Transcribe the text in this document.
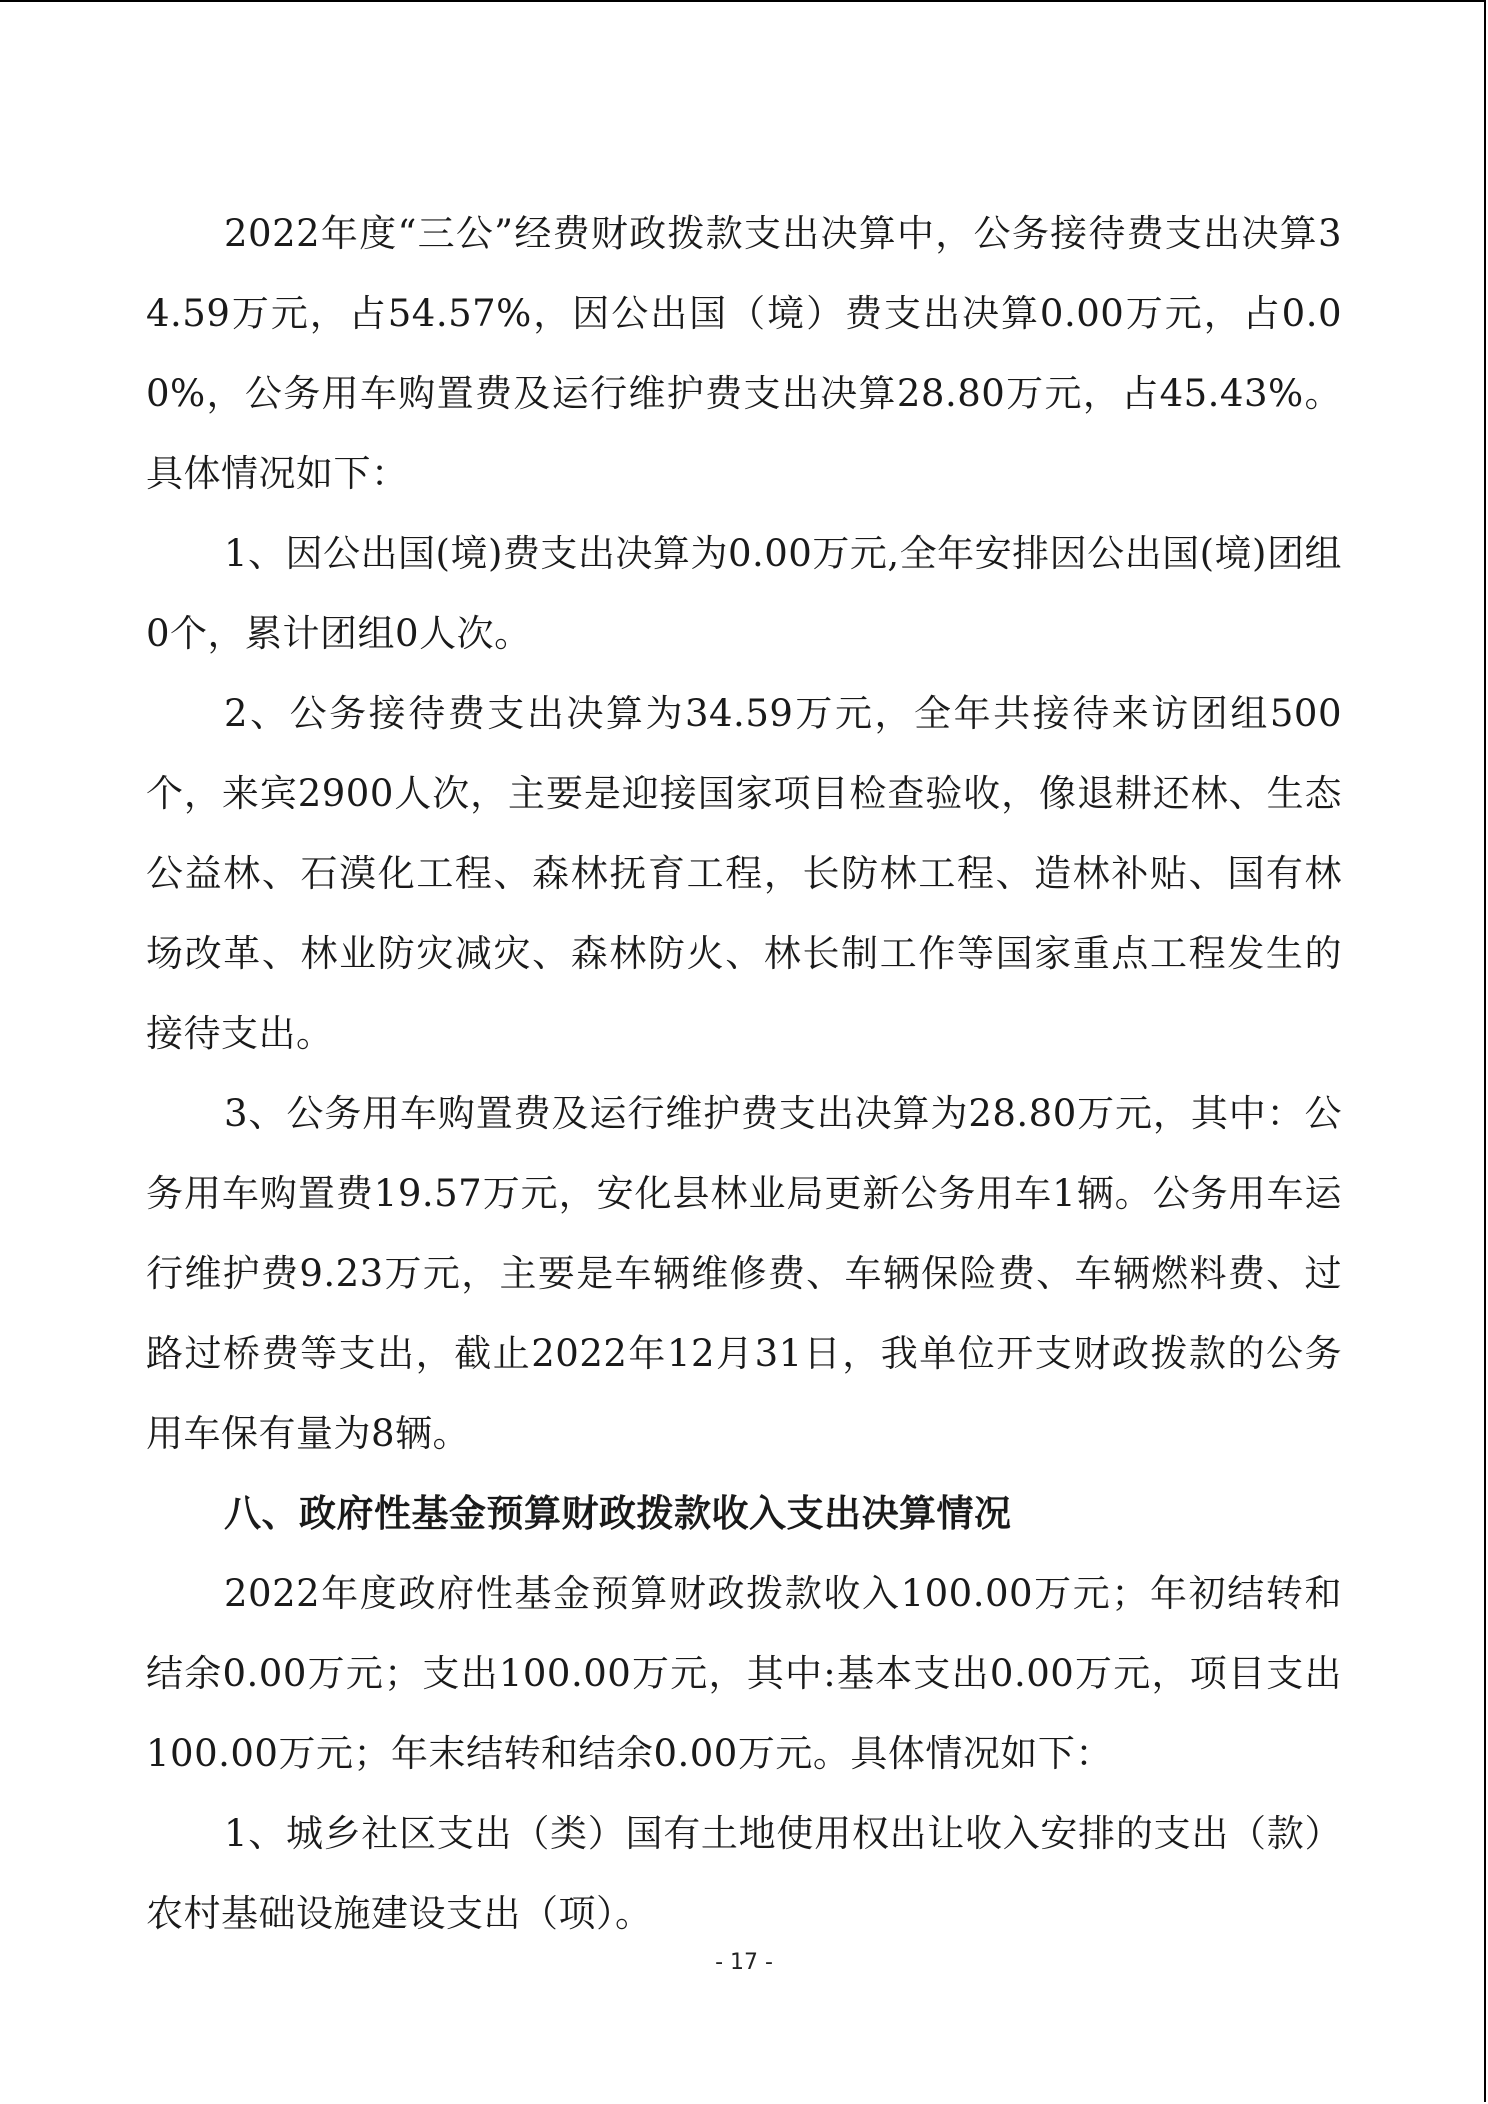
2022年度“三公”经费财政拨款支出决算中，公务接待费支出决算34.59万元，占54.57%，因公出国（境）费支出决算0.00万元，占0.00%，公务用车购置费及运行维护费支出决算28.80万元，占45.43%。具体情况如下：

1、因公出国(境)费支出决算为0.00万元,全年安排因公出国(境)团组0个，累计团组0人次。

2、公务接待费支出决算为34.59万元，全年共接待来访团组500个，来宾2900人次，主要是迎接国家项目检查验收，像退耕还林、生态公益林、石漠化工程、森林抚育工程，长防林工程、造林补贴、国有林场改革、林业防灾减灾、森林防火、林长制工作等国家重点工程发生的接待支出。

3、公务用车购置费及运行维护费支出决算为28.80万元，其中：公务用车购置费19.57万元，安化县林业局更新公务用车1辆。公务用车运行维护费9.23万元，主要是车辆维修费、车辆保险费、车辆燃料费、过路过桥费等支出，截止2022年12月31日，我单位开支财政拨款的公务用车保有量为8辆。

八、政府性基金预算财政拨款收入支出决算情况

2022年度政府性基金预算财政拨款收入100.00万元；年初结转和结余0.00万元；支出100.00万元，其中:基本支出0.00万元，项目支出100.00万元；年末结转和结余0.00万元。具体情况如下：

1、城乡社区支出（类）国有土地使用权出让收入安排的支出（款）农村基础设施建设支出（项）。

- 17 -
